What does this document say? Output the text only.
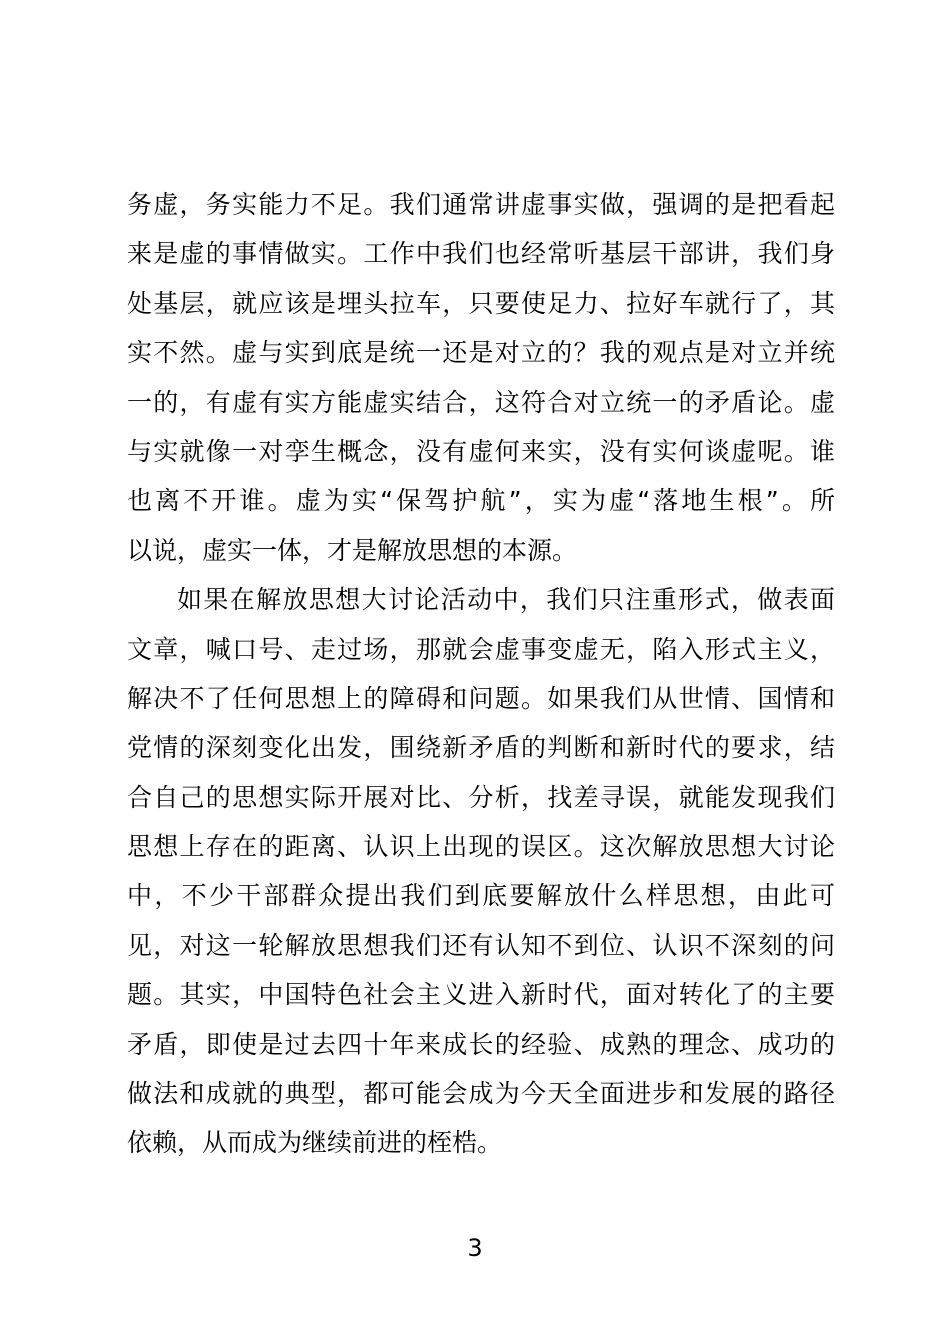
务虚，务实能力不足。我们通常讲虚事实做，强调的是把看起
来是虚的事情做实。工作中我们也经常听基层干部讲，我们身
处基层，就应该是埋头拉车，只要使足力、拉好车就行了，其
实不然。虚与实到底是统一还是对立的？我的观点是对立并统
一的，有虚有实方能虚实结合，这符合对立统一的矛盾论。虚
与实就像一对孪生概念，没有虚何来实，没有实何谈虚呢。谁
也离不开谁。虚为实“保驾护航”，实为虚“落地生根”。所
以说，虚实一体，才是解放思想的本源。
如果在解放思想大讨论活动中，我们只注重形式，做表面
文章，喊口号、走过场，那就会虚事变虚无，陷入形式主义，
解决不了任何思想上的障碍和问题。如果我们从世情、国情和
党情的深刻变化出发，围绕新矛盾的判断和新时代的要求，结
合自己的思想实际开展对比、分析，找差寻误，就能发现我们
思想上存在的距离、认识上出现的误区。这次解放思想大讨论
中，不少干部群众提出我们到底要解放什么样思想，由此可
见，对这一轮解放思想我们还有认知不到位、认识不深刻的问
题。其实，中国特色社会主义进入新时代，面对转化了的主要
矛盾，即使是过去四十年来成长的经验、成熟的理念、成功的
做法和成就的典型，都可能会成为今天全面进步和发展的路径
依赖，从而成为继续前进的桎梏。
3
